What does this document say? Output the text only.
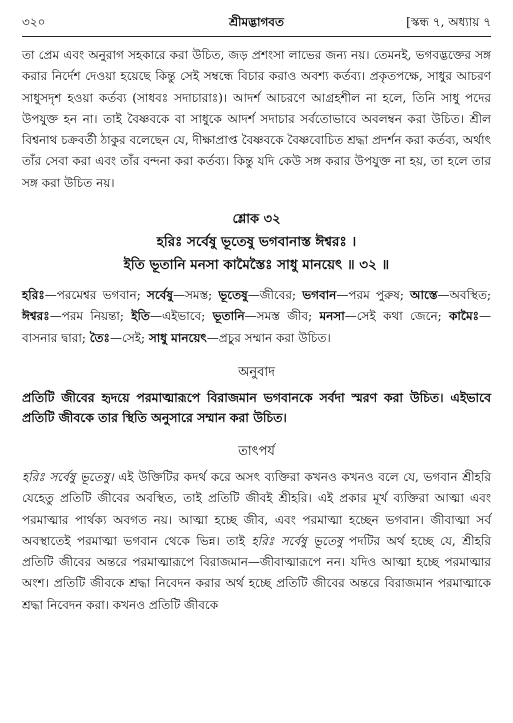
৩২০	শ্রীমদ্ভাগবত	[স্কন্ধ ৭, অধ্যায় ৭

তা প্রেম এবং অনুরাগ সহকারে করা উচিত, জড় প্রশংসা লাভের জন্য নয়। তেমনই, ভগবদ্ভক্তের সঙ্গ করার নির্দেশ দেওয়া হয়েছে কিন্তু সেই সম্বন্ধে বিচার করাও অবশ্য কর্তব্য। প্রকৃতপক্ষে, সাধুর আচরণ সাধুসদৃশ হওয়া কর্তব্য (সাধবঃ সদাচারাঃ)। আদর্শ আচরণে আগ্রহশীল না হলে, তিনি সাধু পদের উপযুক্ত হন না। তাই বৈষ্ণবকে বা সাধুকে আদর্শ সদাচার সর্বতোভাবে অবলম্বন করা উচিত। শ্রীল বিশ্বনাথ চক্রবর্তী ঠাকুর বলেছেন যে, দীক্ষাপ্রাপ্ত বৈষ্ণবকে বৈষ্ণবোচিত শ্রদ্ধা প্রদর্শন করা কর্তব্য, অর্থাৎ তাঁর সেবা করা এবং তাঁর বন্দনা করা কর্তব্য। কিন্তু যদি কেউ সঙ্গ করার উপযুক্ত না হয়, তা হলে তার সঙ্গ করা উচিত নয়।

শ্লোক ৩২
হরিঃ সর্বেষু ভূতেষু ভগবানাস্ত ঈশ্বরঃ ।
ইতি ভূতানি মনসা কামৈস্তৈঃ সাধু মানয়েৎ ॥ ৩২ ॥

হরিঃ—পরমেশ্বর ভগবান; সর্বেষু—সমস্ত; ভূতেষু—জীবের; ভগবান—পরম পুরুষ; আস্তে—অবস্থিত; ঈশ্বরঃ—পরম নিয়ন্তা; ইতি—এইভাবে; ভূতানি—সমস্ত জীব; মনসা—সেই কথা জেনে; কামৈঃ—বাসনার দ্বারা; তৈঃ—সেই; সাধু মানয়েৎ—প্রচুর সম্মান করা উচিত।

অনুবাদ

প্রতিটি জীবের হৃদয়ে পরমাত্মারূপে বিরাজমান ভগবানকে সর্বদা স্মরণ করা উচিত। এইভাবে প্রতিটি জীবকে তার স্থিতি অনুসারে সম্মান করা উচিত।

তাৎপর্য

হরিঃ সর্বেষু ভূতেষু। এই উক্তিটির কদর্থ করে অসৎ ব্যক্তিরা কখনও কখনও বলে যে, ভগবান শ্রীহরি যেহেতু প্রতিটি জীবের অবস্থিত, তাই প্রতিটি জীবই শ্রীহরি। এই প্রকার মূর্খ ব্যক্তিরা আত্মা এবং পরমাত্মার পার্থক্য অবগত নয়। আত্মা হচ্ছে জীব, এবং পরমাত্মা হচ্ছেন ভগবান। জীবাত্মা সর্ব অবস্থাতেই পরমাত্মা ভগবান থেকে ভিন্ন। তাই হরিঃ সর্বেষু ভূতেষু পদটির অর্থ হচ্ছে যে, শ্রীহরি প্রতিটি জীবের অন্তরে পরমাত্মারূপে বিরাজমান—জীবাত্মারূপে নন। যদিও আত্মা হচ্ছে পরমাত্মার অংশ। প্রতিটি জীবকে শ্রদ্ধা নিবেদন করার অর্থ হচ্ছে প্রতিটি জীবের অন্তরে বিরাজমান পরমাত্মাকে শ্রদ্ধা নিবেদন করা। কখনও প্রতিটি জীবকে
